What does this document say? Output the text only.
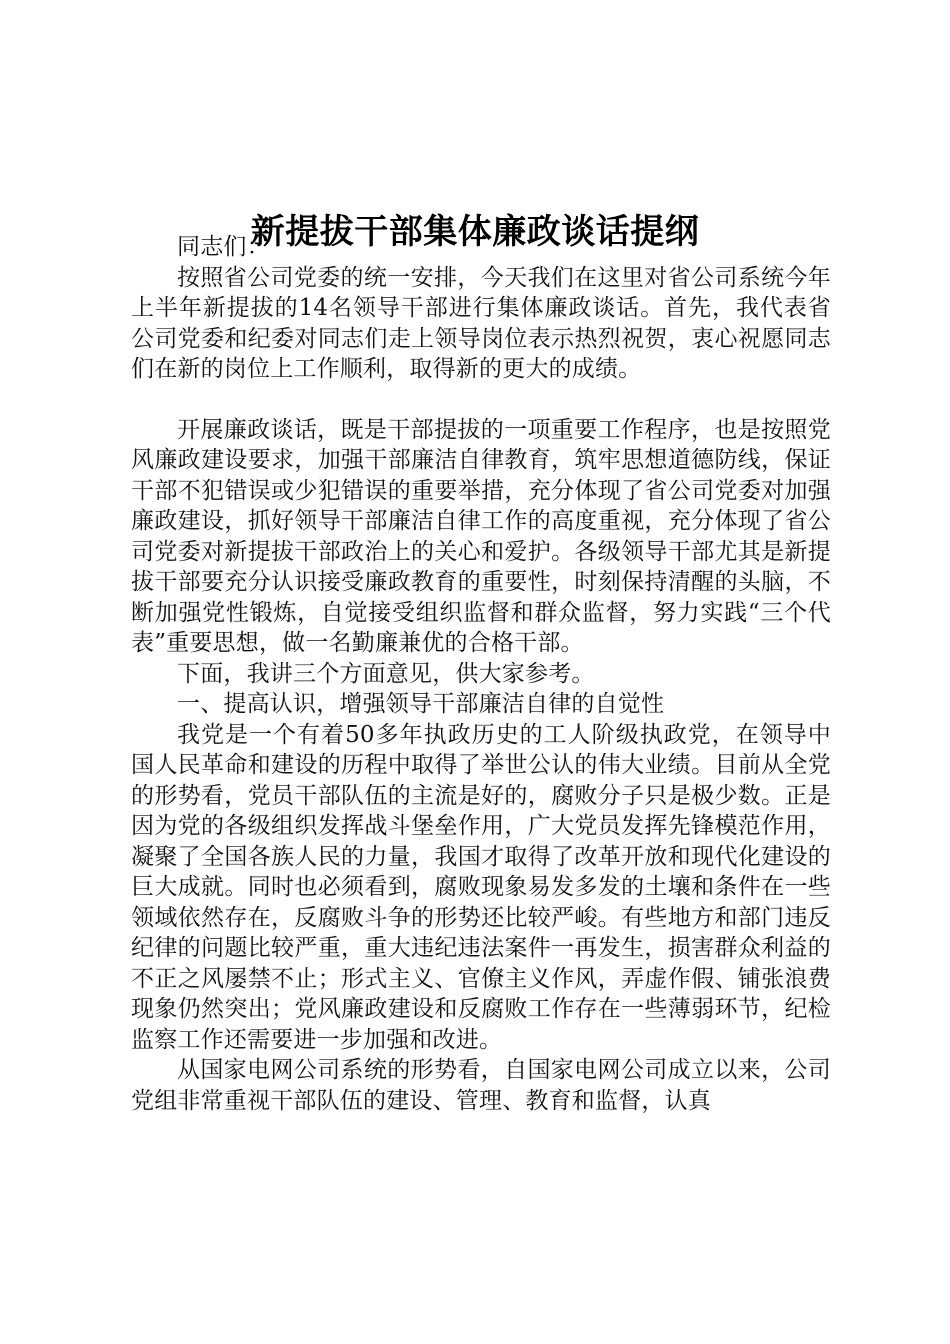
新提拔干部集体廉政谈话提纲

同志们：

按照省公司党委的统一安排，今天我们在这里对省公司系统今年上半年新提拔的14名领导干部进行集体廉政谈话。首先，我代表省公司党委和纪委对同志们走上领导岗位表示热烈祝贺，衷心祝愿同志们在新的岗位上工作顺利，取得新的更大的成绩。

开展廉政谈话，既是干部提拔的一项重要工作程序，也是按照党风廉政建设要求，加强干部廉洁自律教育，筑牢思想道德防线，保证干部不犯错误或少犯错误的重要举措，充分体现了省公司党委对加强廉政建设，抓好领导干部廉洁自律工作的高度重视，充分体现了省公司党委对新提拔干部政治上的关心和爱护。各级领导干部尤其是新提拔干部要充分认识接受廉政教育的重要性，时刻保持清醒的头脑，不断加强党性锻炼，自觉接受组织监督和群众监督，努力实践“三个代表”重要思想，做一名勤廉兼优的合格干部。

下面，我讲三个方面意见，供大家参考。

一、提高认识，增强领导干部廉洁自律的自觉性

我党是一个有着50多年执政历史的工人阶级执政党，在领导中国人民革命和建设的历程中取得了举世公认的伟大业绩。目前从全党的形势看，党员干部队伍的主流是好的，腐败分子只是极少数。正是因为党的各级组织发挥战斗堡垒作用，广大党员发挥先锋模范作用，凝聚了全国各族人民的力量，我国才取得了改革开放和现代化建设的巨大成就。同时也必须看到，腐败现象易发多发的土壤和条件在一些领域依然存在，反腐败斗争的形势还比较严峻。有些地方和部门违反纪律的问题比较严重，重大违纪违法案件一再发生，损害群众利益的不正之风屡禁不止；形式主义、官僚主义作风，弄虚作假、铺张浪费现象仍然突出；党风廉政建设和反腐败工作存在一些薄弱环节，纪检监察工作还需要进一步加强和改进。

从国家电网公司系统的形势看，自国家电网公司成立以来，公司党组非常重视干部队伍的建设、管理、教育和监督，认真
